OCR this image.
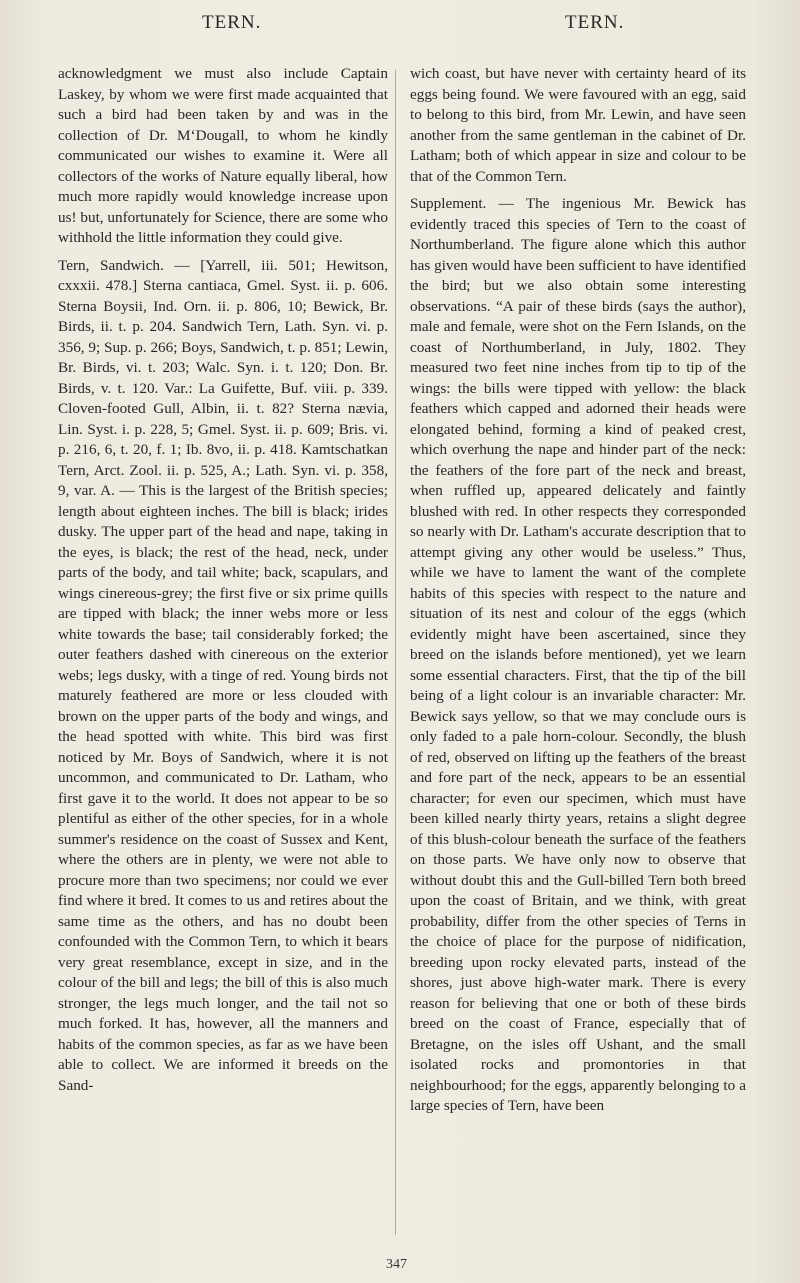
TERN.	TERN.

acknowledgment we must also include Captain Laskey, by whom we were first made acquainted that such a bird had been taken by and was in the collection of Dr. M‘Dougall, to whom he kindly communicated our wishes to examine it. Were all collectors of the works of Nature equally liberal, how much more rapidly would knowledge increase upon us! but, unfortunately for Science, there are some who withhold the little information they could give.

Tern, Sandwich. — [Yarrell, iii. 501; Hewitson, cxxxii. 478.] Sterna cantiaca, Gmel. Syst. ii. p. 606. Sterna Boysii, Ind. Orn. ii. p. 806, 10; Bewick, Br. Birds, ii. t. p. 204. Sandwich Tern, Lath. Syn. vi. p. 356, 9; Sup. p. 266; Boys, Sandwich, t. p. 851; Lewin, Br. Birds, vi. t. 203; Walc. Syn. i. t. 120; Don. Br. Birds, v. t. 120. Var.: La Guifette, Buf. viii. p. 339. Cloven-footed Gull, Albin, ii. t. 82? Sterna nævia, Lin. Syst. i. p. 228, 5; Gmel. Syst. ii. p. 609; Bris. vi. p. 216, 6, t. 20, f. 1; Ib. 8vo, ii. p. 418. Kamtschatkan Tern, Arct. Zool. ii. p. 525, A.; Lath. Syn. vi. p. 358, 9, var. A. — This is the largest of the British species; length about eighteen inches. The bill is black; irides dusky. The upper part of the head and nape, taking in the eyes, is black; the rest of the head, neck, under parts of the body, and tail white; back, scapulars, and wings cinereous-grey; the first five or six prime quills are tipped with black; the inner webs more or less white towards the base; tail considerably forked; the outer feathers dashed with cinereous on the exterior webs; legs dusky, with a tinge of red. Young birds not maturely feathered are more or less clouded with brown on the upper parts of the body and wings, and the head spotted with white. This bird was first noticed by Mr. Boys of Sandwich, where it is not uncommon, and communicated to Dr. Latham, who first gave it to the world. It does not appear to be so plentiful as either of the other species, for in a whole summer's residence on the coast of Sussex and Kent, where the others are in plenty, we were not able to procure more than two specimens; nor could we ever find where it bred. It comes to us and retires about the same time as the others, and has no doubt been confounded with the Common Tern, to which it bears very great resemblance, except in size, and in the colour of the bill and legs; the bill of this is also much stronger, the legs much longer, and the tail not so much forked. It has, however, all the manners and habits of the common species, as far as we have been able to collect. We are informed it breeds on the Sand-

wich coast, but have never with certainty heard of its eggs being found. We were favoured with an egg, said to belong to this bird, from Mr. Lewin, and have seen another from the same gentleman in the cabinet of Dr. Latham; both of which appear in size and colour to be that of the Common Tern.

Supplement. — The ingenious Mr. Bewick has evidently traced this species of Tern to the coast of Northumberland. The figure alone which this author has given would have been sufficient to have identified the bird; but we also obtain some interesting observations. “A pair of these birds (says the author), male and female, were shot on the Fern Islands, on the coast of Northumberland, in July, 1802. They measured two feet nine inches from tip to tip of the wings: the bills were tipped with yellow: the black feathers which capped and adorned their heads were elongated behind, forming a kind of peaked crest, which overhung the nape and hinder part of the neck: the feathers of the fore part of the neck and breast, when ruffled up, appeared delicately and faintly blushed with red. In other respects they corresponded so nearly with Dr. Latham's accurate description that to attempt giving any other would be useless.” Thus, while we have to lament the want of the complete habits of this species with respect to the nature and situation of its nest and colour of the eggs (which evidently might have been ascertained, since they breed on the islands before mentioned), yet we learn some essential characters. First, that the tip of the bill being of a light colour is an invariable character: Mr. Bewick says yellow, so that we may conclude ours is only faded to a pale horn-colour. Secondly, the blush of red, observed on lifting up the feathers of the breast and fore part of the neck, appears to be an essential character; for even our specimen, which must have been killed nearly thirty years, retains a slight degree of this blush-colour beneath the surface of the feathers on those parts. We have only now to observe that without doubt this and the Gull-billed Tern both breed upon the coast of Britain, and we think, with great probability, differ from the other species of Terns in the choice of place for the purpose of nidification, breeding upon rocky elevated parts, instead of the shores, just above high-water mark. There is every reason for believing that one or both of these birds breed on the coast of France, especially that of Bretagne, on the isles off Ushant, and the small isolated rocks and promontories in that neighbourhood; for the eggs, apparently belonging to a large species of Tern, have been

347
